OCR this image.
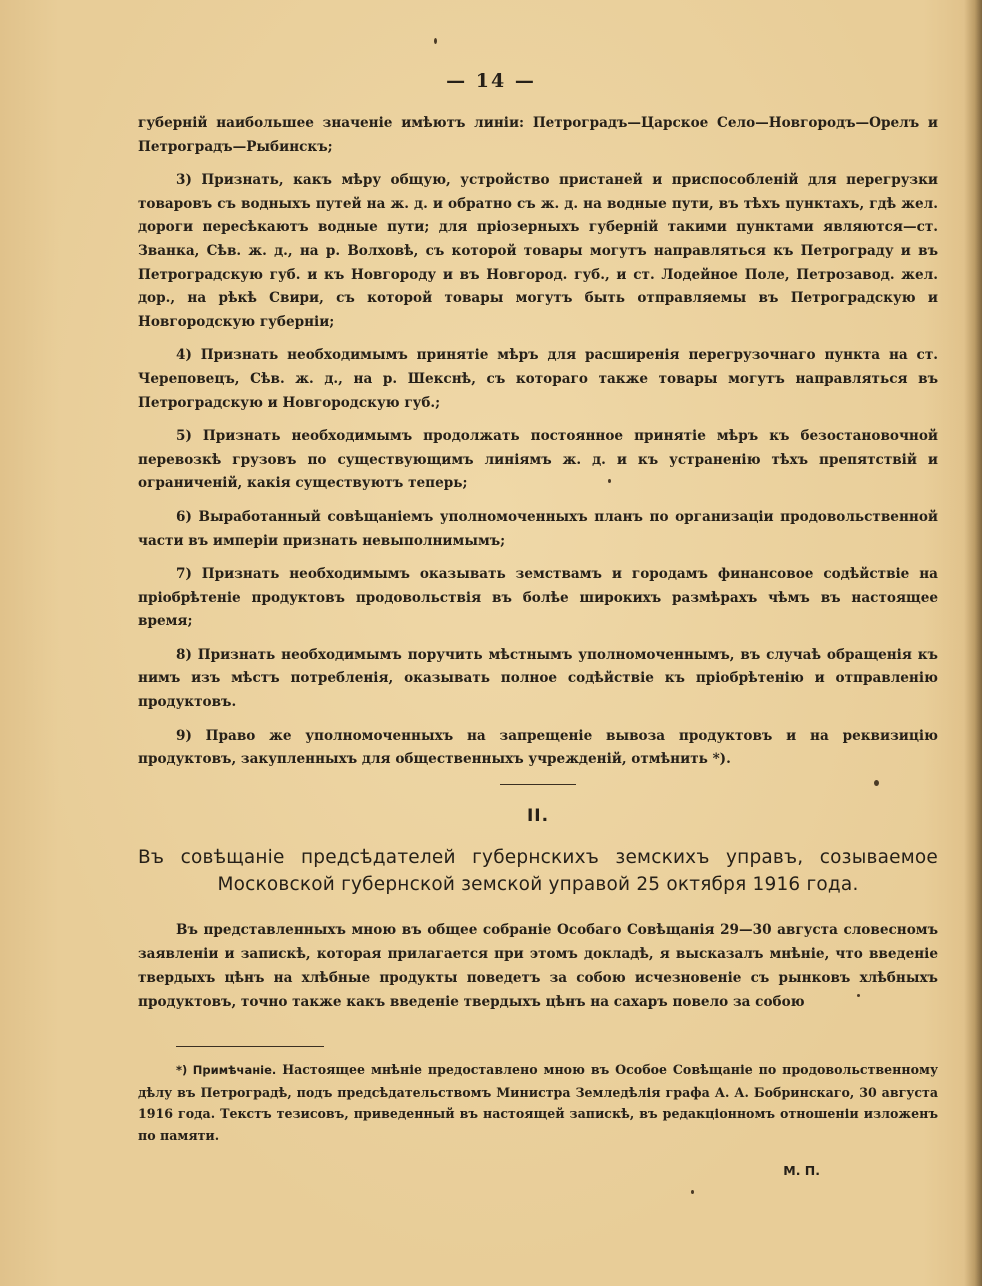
— 14 —

губерній наибольшее значеніе имѣютъ линіи: Петроградъ—Царское Село—Новгородъ—Орелъ и Петроградъ—Рыбинскъ;

3) Признать, какъ мѣру общую, устройство пристаней и приспособленій для перегрузки товаровъ съ водныхъ путей на ж. д. и обратно съ ж. д. на водные пути, въ тѣхъ пунктахъ, гдѣ жел. дороги пересѣкаютъ водные пути; для пріозерныхъ губерній такими пунктами являются—ст. Званка, Сѣв. ж. д., на р. Волховѣ, съ которой товары могутъ направляться къ Петрограду и въ Петроградскую губ. и къ Новгороду и въ Новгород. губ., и ст. Лодейное Поле, Петрозавод. жел. дор., на рѣкѣ Свири, съ которой товары могутъ быть отправляемы въ Петроградскую и Новгородскую губерніи;

4) Признать необходимымъ принятіе мѣръ для расширенія перегрузочнаго пункта на ст. Череповецъ, Сѣв. ж. д., на р. Шекснѣ, съ котораго также товары могутъ направляться въ Петроградскую и Новгородскую губ.;

5) Признать необходимымъ продолжать постоянное принятіе мѣръ къ безостановочной перевозкѣ грузовъ по существующимъ линіямъ ж. д. и къ устраненію тѣхъ препятствій и ограниченій, какія существуютъ теперь;

6) Выработанный совѣщаніемъ уполномоченныхъ планъ по организаціи продовольственной части въ имперіи признать невыполнимымъ;

7) Признать необходимымъ оказывать земствамъ и городамъ финансовое содѣйствіе на пріобрѣтеніе продуктовъ продовольствія въ болѣе широкихъ размѣрахъ чѣмъ въ настоящее время;

8) Признать необходимымъ поручить мѣстнымъ уполномоченнымъ, въ случаѣ обращенія къ нимъ изъ мѣстъ потребленія, оказывать полное содѣйствіе къ пріобрѣтенію и отправленію продуктовъ.

9) Право же уполномоченныхъ на запрещеніе вывоза продуктовъ и на реквизицію продуктовъ, закупленныхъ для общественныхъ учрежденій, отмѣнить *).

II.
Въ совѣщаніе предсѣдателей губернскихъ земскихъ управъ, созываемое Московской губернской земской управой 25 октября 1916 года.

Въ представленныхъ мною въ общее собраніе Особаго Совѣщанія 29—30 августа словесномъ заявленіи и запискѣ, которая прилагается при этомъ докладѣ, я высказалъ мнѣніе, что введеніе твердыхъ цѣнъ на хлѣбные продукты поведетъ за собою исчезновеніе съ рынковъ хлѣбныхъ продуктовъ, точно также какъ введеніе твердыхъ цѣнъ на сахаръ повело за собою

*) Примѣчаніе. Настоящее мнѣніе предоставлено мною въ Особое Совѣщаніе по продовольственному дѣлу въ Петроградѣ, подъ предсѣдательствомъ Министра Земледѣлія графа А. А. Бобринскаго, 30 августа 1916 года. Текстъ тезисовъ, приведенный въ настоящей запискѣ, въ редакціонномъ отношеніи изложенъ по памяти.

М. П.
